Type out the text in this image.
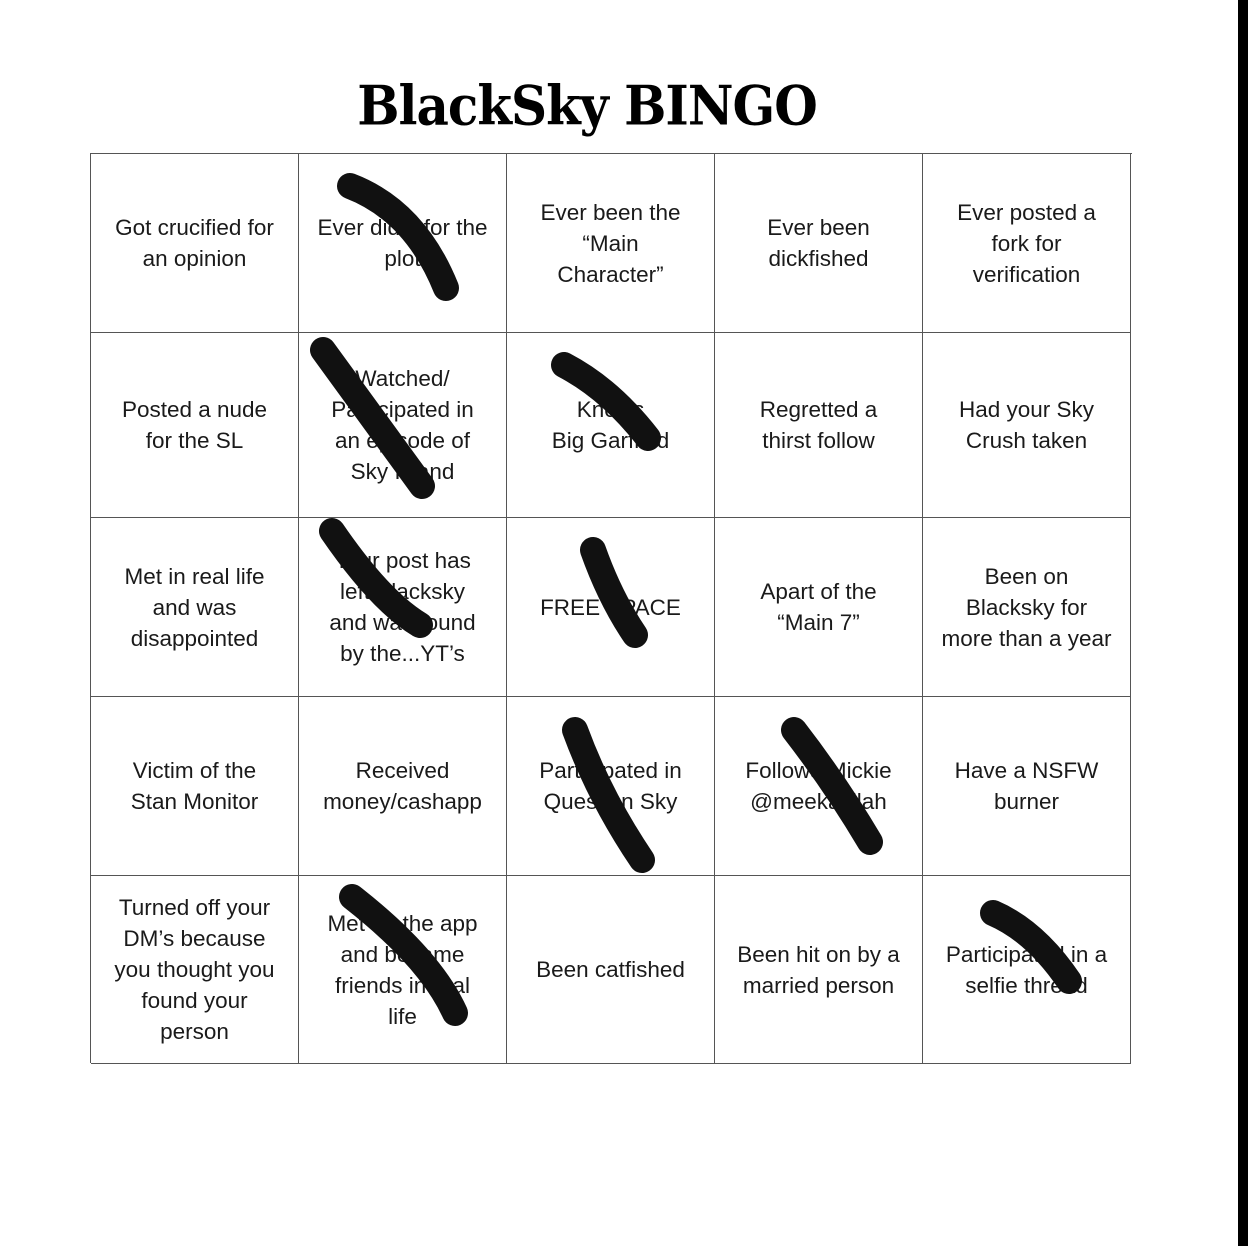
BlackSky BINGO
Got crucified for
an opinion
Ever did it for the
plot
Ever been the
“Main
Character”
Ever been
dickfished
Ever posted a
fork for
verification
Posted a nude
for the SL
Watched/
Participated in
an episode of
Sky Island
Knows
Big Garfield
Regretted a
thirst follow
Had your Sky
Crush taken
Met in real life
and was
disappointed
Your post has
left Blacksky
and was found
by the...YT’s
FREE SPACE
Apart of the
“Main 7”
Been on
Blacksky for
more than a year
Victim of the
Stan Monitor
Received
money/cashapp
Participated in
Question Sky
Follows Mickie
@meekayllah
Have a NSFW
burner
Turned off your
DM’s because
you thought you
found your
person
Met on the app
and became
friends in real
life
Been catfished
Been hit on by a
married person
Participated in a
selfie thread
